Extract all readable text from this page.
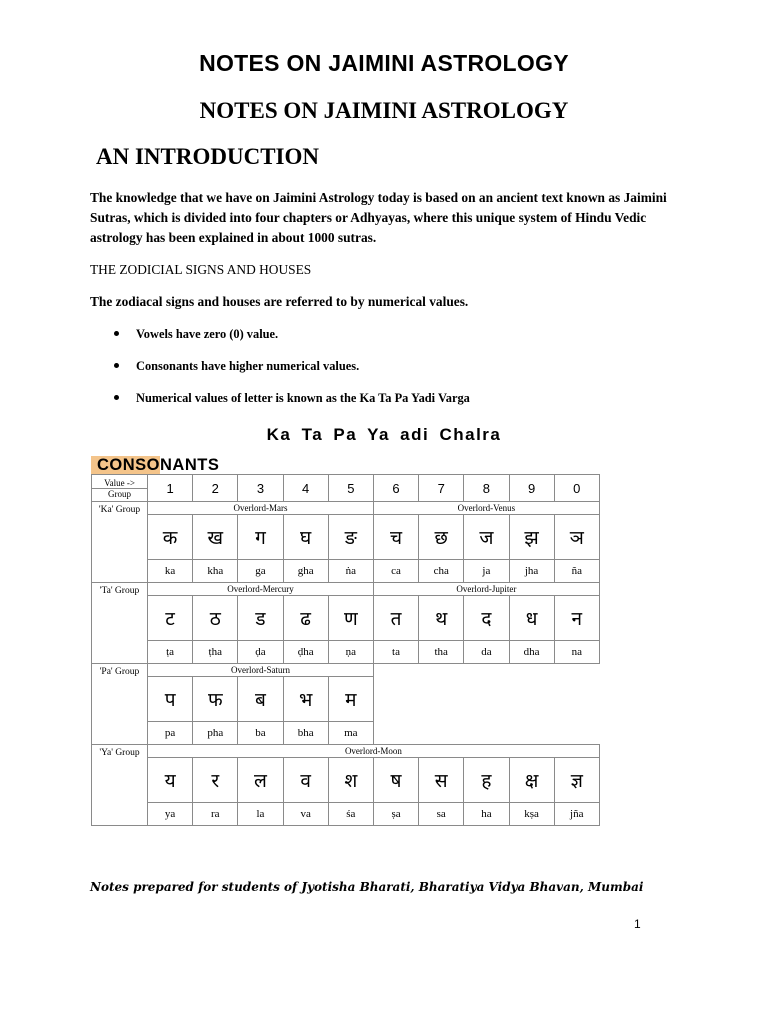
NOTES ON JAIMINI ASTROLOGY
NOTES ON JAIMINI ASTROLOGY
AN INTRODUCTION
The knowledge that we have on Jaimini Astrology today is based on an ancient text known as Jaimini Sutras, which is divided into four chapters or Adhyayas, where this unique system of Hindu Vedic astrology has been explained in about 1000 sutras.
THE ZODICIAL SIGNS AND HOUSES
The zodiacal signs and houses are referred to by numerical values.
Vowels have zero (0) value.
Consonants have higher numerical values.
Numerical values of letter is known as the Ka Ta Pa Yadi Varga
Ka Ta Pa Ya adi Chalra
CONSONANTS
Value ->
Group	1	2	3	4	5	6	7	8	9	0
'Ka' Group	Overlord-Mars					Overlord-Venus				
	क	ख	ग	घ	ङ	च	छ	ज	झ	ञ
	ka	kha	ga	gha	ṅa	ca	cha	ja	jha	ña
'Ta' Group	Overlord-Mercury					Overlord-Jupiter				
	ट	ठ	ड	ढ	ण	त	थ	द	ध	न
	ṭa	ṭha	ḍa	ḍha	ṇa	ta	tha	da	dha	na
'Pa' Group	Overlord-Saturn									
	प	फ	ब	भ	म					
	pa	pha	ba	bha	ma					
'Ya' Group	Overlord-Moon									
	य	र	ल	व	श	ष	स	ह	क्ष	ज्ञ
	ya	ra	la	va	śa	ṣa	sa	ha	kṣa	jña
Notes prepared for students of Jyotisha Bharati, Bharatiya Vidya Bhavan, Mumbai
1
